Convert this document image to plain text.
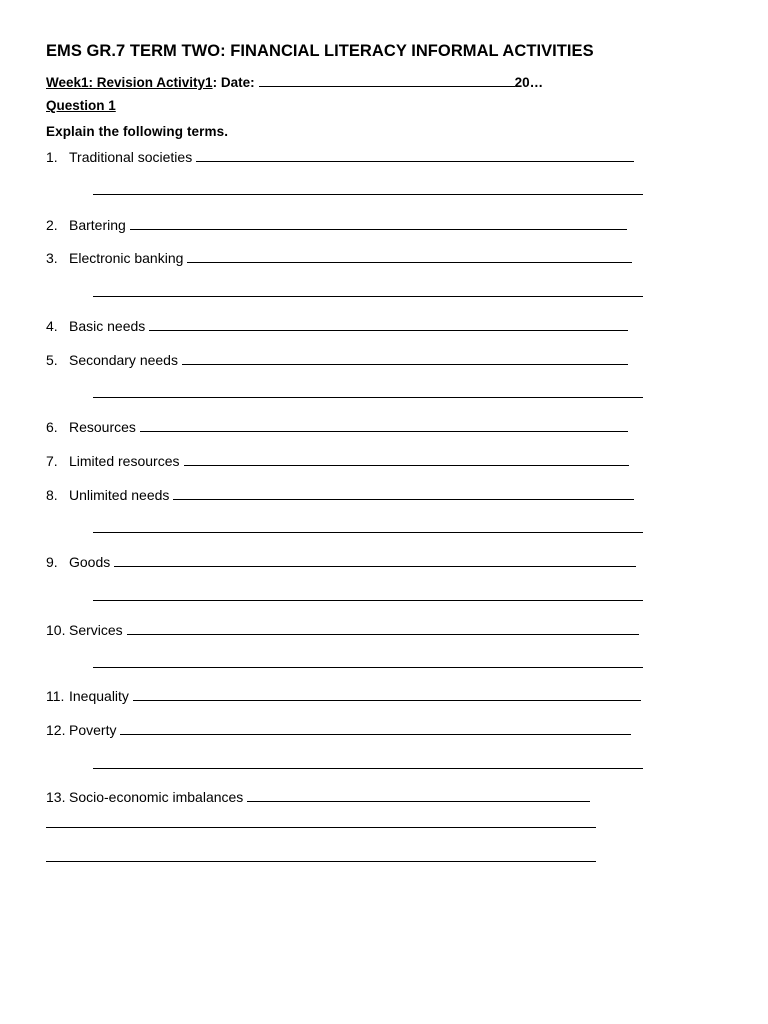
EMS GR.7 TERM TWO: FINANCIAL LITERACY INFORMAL ACTIVITIES
Week1: Revision Activity1: Date:	20…
Question 1
Explain the following terms.
1. Traditional societies
2. Bartering
3. Electronic banking
4. Basic needs
5. Secondary needs
6. Resources
7. Limited resources
8. Unlimited needs
9. Goods
10. Services
11. Inequality
12. Poverty
13. Socio-economic imbalances
